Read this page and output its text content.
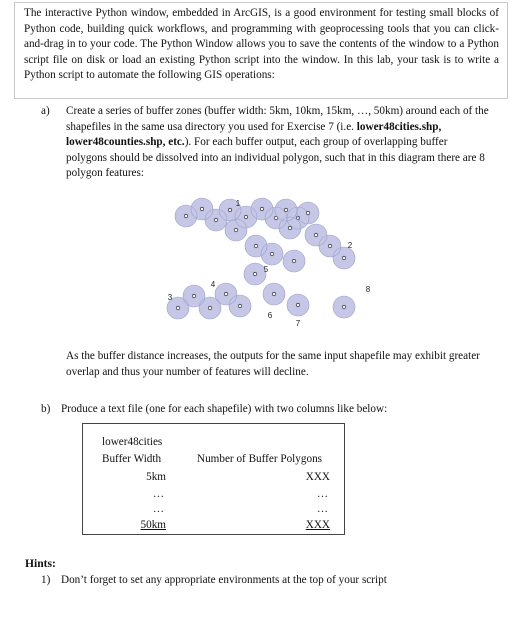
The interactive Python window, embedded in ArcGIS, is a good environment for testing small blocks of Python code, building quick workflows, and programming with geoprocessing tools that you can click-and-drag in to your code. The Python Window allows you to save the contents of the window to a Python script file on disk or load an existing Python script into the window. In this lab, your task is to write a Python script to automate the following GIS operations:

a) Create a series of buffer zones (buffer width: 5km, 10km, 15km, …, 50km) around each of the shapefiles in the same usa directory you used for Exercise 7 (i.e. lower48cities.shp, lower48counties.shp, etc.). For each buffer output, each group of overlapping buffer polygons should be dissolved into an individual polygon, such that in this diagram there are 8 polygon features:
1
2
3
4
5
6
7
8
As the buffer distance increases, the outputs for the same input shapefile may exhibit greater overlap and thus your number of features will decline.
b) Produce a text file (one for each shapefile) with two columns like below:
lower48cities
Buffer Width	Number of Buffer Polygons
5km	XXX
…	…
…	…
50km	XXX
Hints:
1) Don’t forget to set any appropriate environments at the top of your script
